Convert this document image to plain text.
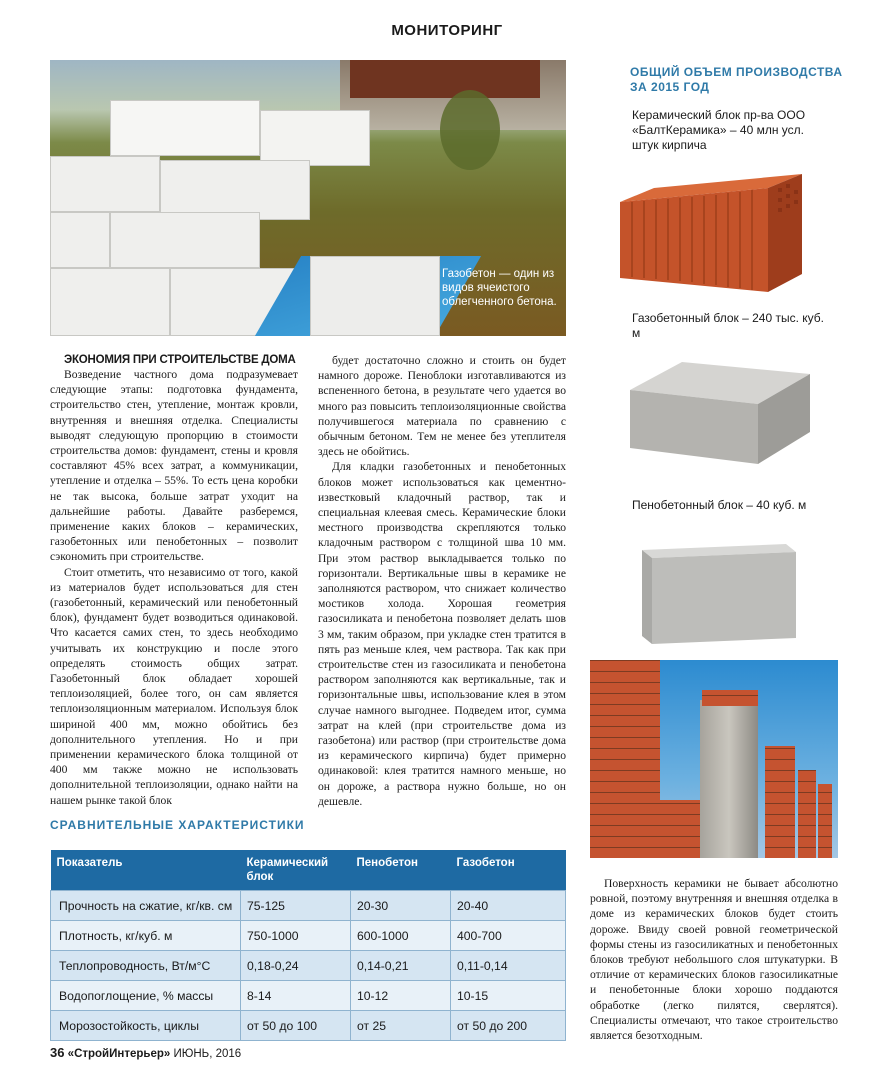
МОНИТОРИНГ
Газобетон — один из видов ячеистого облегченного бетона.
ЭКОНОМИЯ ПРИ СТРОИТЕЛЬСТВЕ ДОМА

Возведение частного дома подразумевает следующие этапы: подготовка фундамента, строительство стен, утепление, монтаж кровли, внутренняя и внешняя отделка. Специалисты выводят следующую пропорцию в стоимости строительства домов: фундамент, стены и кровля составляют 45% всех затрат, а коммуникации, утепление и отделка – 55%. То есть цена коробки не так высока, больше затрат уходит на дальнейшие работы. Давайте разберемся, применение каких блоков – керамических, газобетонных или пенобетонных – позволит сэкономить при строительстве.

Стоит отметить, что независимо от того, какой из материалов будет использоваться для стен (газобетонный, керамический или пенобетонный блок), фундамент будет возводиться одинаковой. Что касается самих стен, то здесь необходимо учитывать их конструкцию и после этого определять стоимость общих затрат. Газобетонный блок обладает хорошей теплоизоляцией, более того, он сам является теплоизоляционным материалом. Используя блок шириной 400 мм, можно обойтись без дополнительного утепления. Но и при применении керамического блока толщиной от 400 мм также можно не использовать дополнительной теплоизоляции, однако найти на нашем рынке такой блок

будет достаточно сложно и стоить он будет намного дороже. Пеноблоки изготавливаются из вспененного бетона, в результате чего удается во много раз повысить теплоизоляционные свойства получившегося материала по сравнению с обычным бетоном. Тем не менее без утеплителя здесь не обойтись.

Для кладки газобетонных и пенобетонных блоков может использоваться как цементно-известковый кладочный раствор, так и специальная клеевая смесь. Керамические блоки местного производства скрепляются только кладочным раствором с толщиной шва 10 мм. При этом раствор выкладывается только по горизонтали. Вертикальные швы в керамике не заполняются раствором, что снижает количество мостиков холода. Хорошая геометрия газосиликата и пенобетона позволяет делать шов 3 мм, таким образом, при укладке стен тратится в пять раз меньше клея, чем раствора. Так как при строительстве стен из газосиликата и пенобетона раствором заполняются как вертикальные, так и горизонтальные швы, использование клея в этом случае намного выгоднее. Подведем итог, сумма затрат на клей (при строительстве дома из газобетона) или раствор (при строительстве дома из керамического кирпича) будет примерно одинаковой: клея тратится намного меньше, но он дороже, а раствора нужно больше, но он дешевле.

ОБЩИЙ ОБЪЕМ ПРОИЗВОДСТВА ЗА 2015 ГОД
Керамический блок пр-ва ООО «БалтКерамика» – 40 млн усл. штук кирпича
Газобетонный блок – 240 тыс. куб. м
Пенобетонный блок – 40 куб. м

Поверхность керамики не бывает абсолютно ровной, поэтому внутренняя и внешняя отделка в доме из керамических блоков будет стоить дороже. Ввиду своей ровной геометрической формы стены из газосиликатных и пенобетонных блоков требуют небольшого слоя штукатурки. В отличие от керамических блоков газосиликатные и пенобетонные блоки хорошо поддаются обработке (легко пилятся, сверлятся). Специалисты отмечают, что такое строительство является безотходным.

СРАВНИТЕЛЬНЫЕ ХАРАКТЕРИСТИКИ
Показатель	Керамический блок	Пенобетон	Газобетон
Прочность на сжатие, кг/кв. см	75-125	20-30	20-40
Плотность, кг/куб. м	750-1000	600-1000	400-700
Теплопроводность, Вт/м°C	0,18-0,24	0,14-0,21	0,11-0,14
Водопоглощение, % массы	8-14	10-12	10-15
Морозостойкость, циклы	от 50 до 100	от 25	от 50 до 200
36 «СтройИнтерьер» ИЮНЬ, 2016
